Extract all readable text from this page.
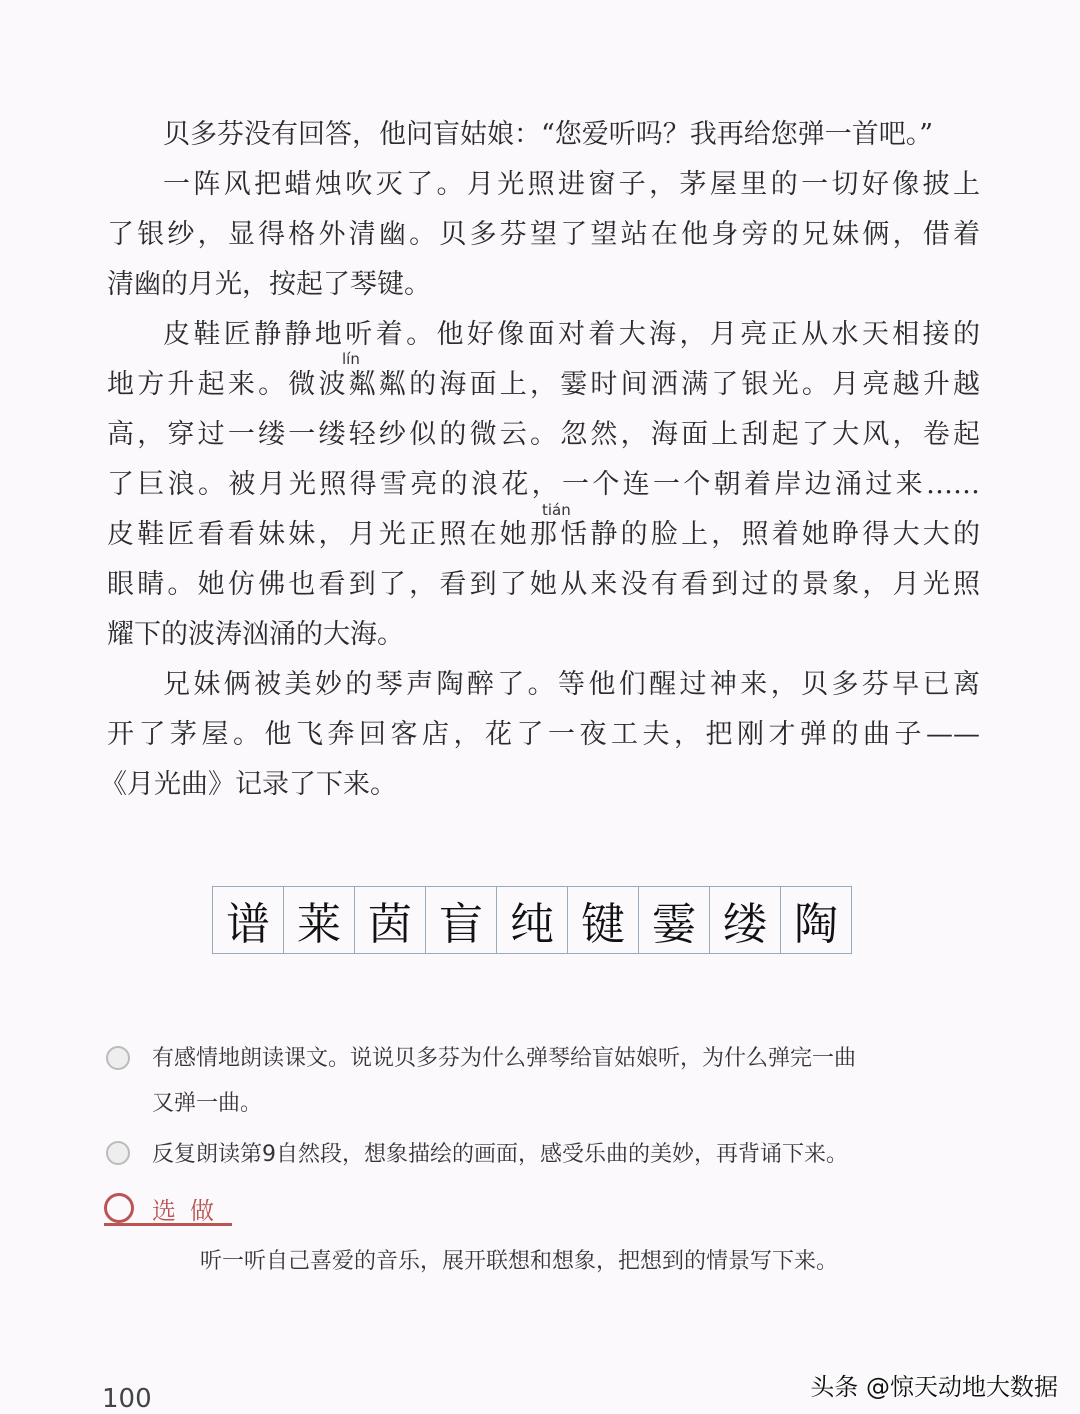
贝多芬没有回答，他问盲姑娘：“您爱听吗？我再给您弹一首吧。”
一阵风把蜡烛吹灭了。月光照进窗子，茅屋里的一切好像披上
了银纱，显得格外清幽。贝多芬望了望站在他身旁的兄妹俩，借着
清幽的月光，按起了琴键。
皮鞋匠静静地听着。他好像面对着大海，月亮正从水天相接的
lín
地方升起来。微波粼粼的海面上，霎时间洒满了银光。月亮越升越
高，穿过一缕一缕轻纱似的微云。忽然，海面上刮起了大风，卷起
了巨浪。被月光照得雪亮的浪花，一个连一个朝着岸边涌过来……
tián
皮鞋匠看看妹妹，月光正照在她那恬静的脸上，照着她睁得大大的
眼睛。她仿佛也看到了，看到了她从来没有看到过的景象，月光照
耀下的波涛汹涌的大海。
兄妹俩被美妙的琴声陶醉了。等他们醒过神来，贝多芬早已离
开了茅屋。他飞奔回客店，花了一夜工夫，把刚才弹的曲子——
《月光曲》记录了下来。
谱 莱 茵 盲 纯 键 霎 缕 陶
有感情地朗读课文。说说贝多芬为什么弹琴给盲姑娘听，为什么弹完一曲
又弹一曲。
反复朗读第9自然段，想象描绘的画面，感受乐曲的美妙，再背诵下来。
选做
听一听自己喜爱的音乐，展开联想和想象，把想到的情景写下来。
头条 @惊天动地大数据
100
